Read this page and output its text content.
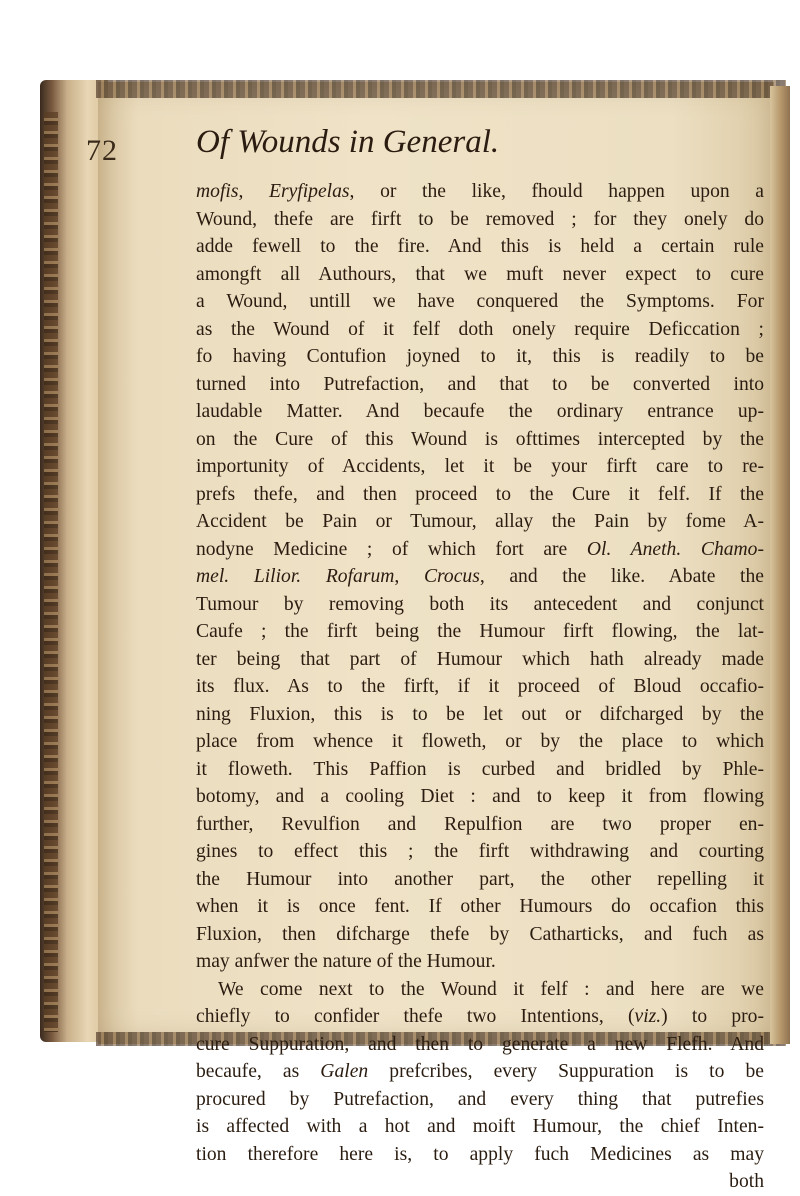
72 Of Wounds in General.
mofis, Eryfipelas, or the like, fhould happen upon a
Wound, thefe are firft to be removed ; for they onely do
adde fewell to the fire. And this is held a certain rule
amongft all Authours, that we muft never expect to cure
a Wound, untill we have conquered the Symptoms. For
as the Wound of it felf doth onely require Deficcation ;
fo having Contufion joyned to it, this is readily to be
turned into Putrefaction, and that to be converted into
laudable Matter. And becaufe the ordinary entrance up-
on the Cure of this Wound is ofttimes intercepted by the
importunity of Accidents, let it be your firft care to re-
prefs thefe, and then proceed to the Cure it felf. If the
Accident be Pain or Tumour, allay the Pain by fome A-
nodyne Medicine ; of which fort are Ol. Aneth. Chamo-
mel. Lilior. Rofarum, Crocus, and the like. Abate the
Tumour by removing both its antecedent and conjunct
Caufe ; the firft being the Humour firft flowing, the lat-
ter being that part of Humour which hath already made
its flux. As to the firft, if it proceed of Bloud occafio-
ning Fluxion, this is to be let out or difcharged by the
place from whence it floweth, or by the place to which
it floweth. This Paffion is curbed and bridled by Phle-
botomy, and a cooling Diet : and to keep it from flowing
further, Revulfion and Repulfion are two proper en-
gines to effect this ; the firft withdrawing and courting
the Humour into another part, the other repelling it
when it is once fent. If other Humours do occafion this
Fluxion, then difcharge thefe by Catharticks, and fuch as
may anfwer the nature of the Humour.
We come next to the Wound it felf : and here are we
chiefly to confider thefe two Intentions, (viz.) to pro-
cure Suppuration, and then to generate a new Flefh. And
becaufe, as Galen prefcribes, every Suppuration is to be
procured by Putrefaction, and every thing that putrefies
is affected with a hot and moift Humour, the chief Inten-
tion therefore here is, to apply fuch Medicines as may
both
